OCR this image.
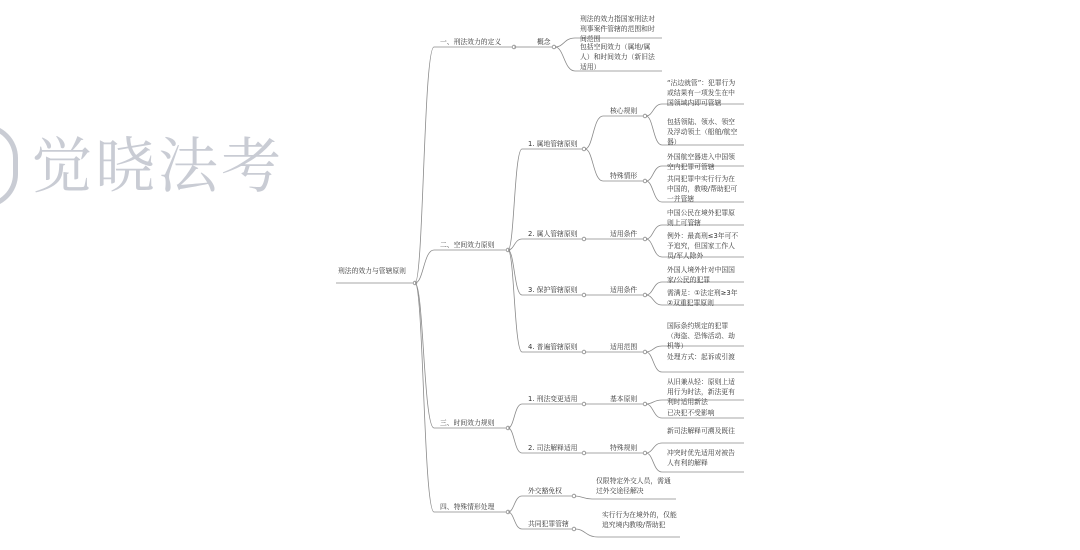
觉晓法考
刑法的效力与管辖原则
一、刑法效力的定义	概念
刑法的效力指国家刑法对刑事案件管辖的范围和时间范围
包括空间效力（属地/属人）和时间效力（新旧法适用）
二、空间效力原则
1. 属地管辖原则
核心规则
“沾边就管”：犯罪行为或结果有一项发生在中国领域内即可管辖
包括领陆、领水、领空及浮动领土（船舶/航空器）
特殊情形
外国航空器进入中国领空内犯罪可管辖
共同犯罪中实行行为在中国的，教唆/帮助犯可一并管辖
2. 属人管辖原则	适用条件
中国公民在境外犯罪原则上可管辖
例外：最高刑≤3年可不予追究，但国家工作人员/军人除外
3. 保护管辖原则	适用条件
外国人境外针对中国国家/公民的犯罪
需满足：①法定刑≥3年 ②双重犯罪原则
4. 普遍管辖原则	适用范围
国际条约规定的犯罪（海盗、恐怖活动、劫机等）
处理方式：起诉或引渡
三、时间效力规则
1. 刑法变更适用	基本原则
从旧兼从轻：原则上适用行为时法，新法更有利时适用新法
已决犯不受影响
2. 司法解释适用	特殊规则
新司法解释可溯及既往
冲突时优先适用对被告人有利的解释
四、特殊情形处理
外交豁免权
仅限特定外交人员，需通过外交途径解决
共同犯罪管辖
实行行为在境外的，仅能追究境内教唆/帮助犯
